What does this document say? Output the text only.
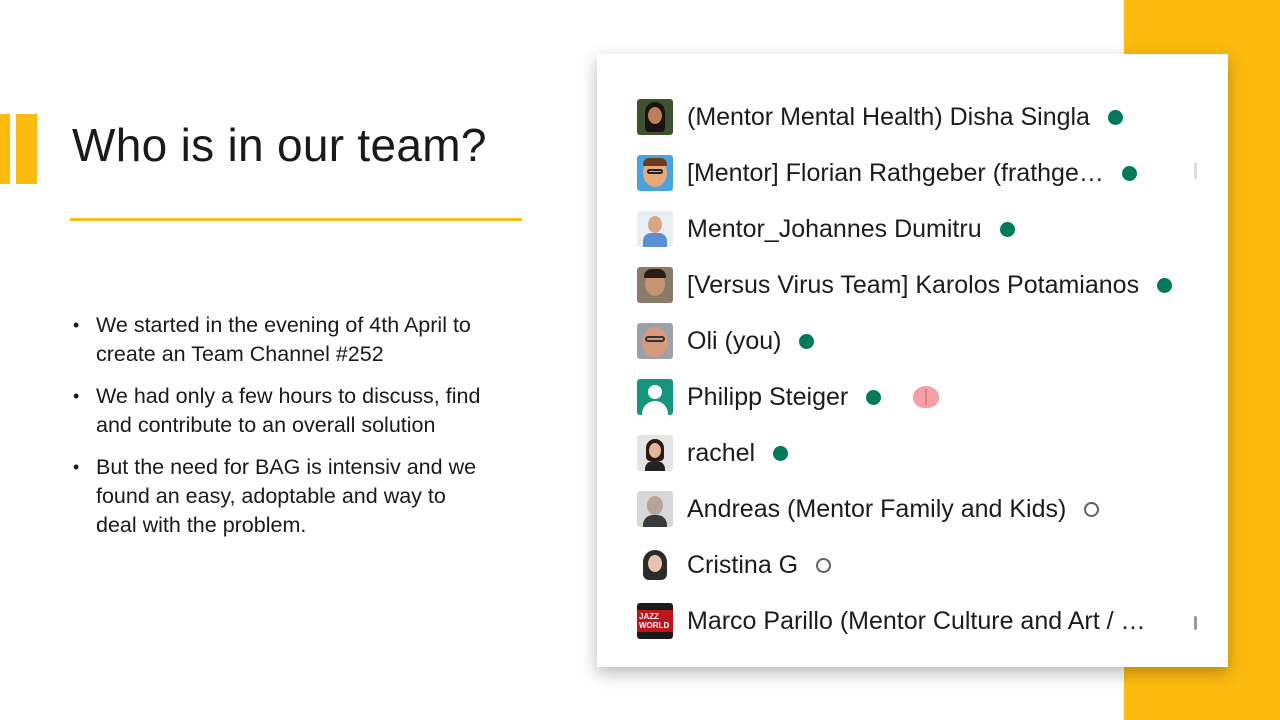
Who is in our team?
• We started in the evening of 4th April to create an Team Channel #252
• We had only a few hours to discuss, find and contribute to an overall solution
• But the need for BAG is intensiv and we found an easy, adoptable and way to deal with the problem.
(Mentor Mental Health) Disha Singla
[Mentor] Florian Rathgeber (frathge…
Mentor_Johannes Dumitru
[Versus Virus Team] Karolos Potamianos
Oli (you)
Philipp Steiger
rachel
Andreas (Mentor Family and Kids)
Cristina G
JAZZ WORLD Marco Parillo (Mentor Culture and Art / …
